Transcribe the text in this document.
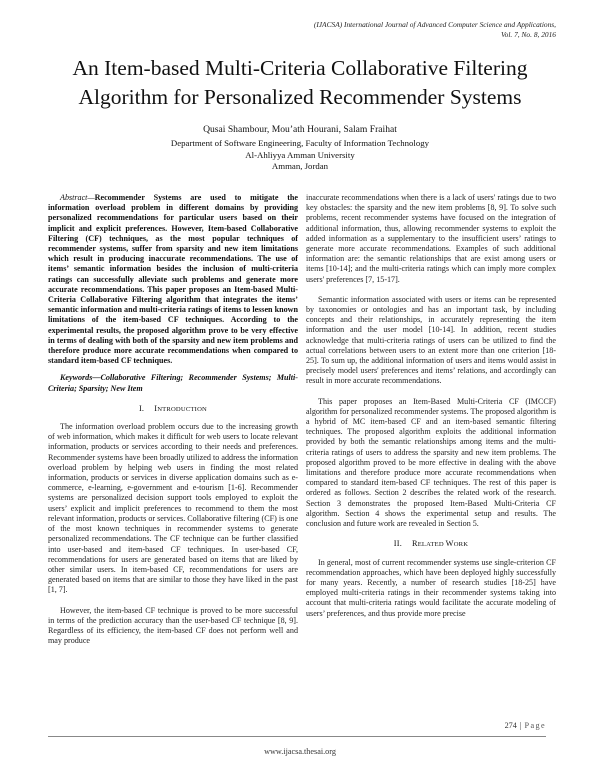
(IJACSA) International Journal of Advanced Computer Science and Applications,
Vol. 7, No. 8, 2016
An Item-based Multi-Criteria Collaborative Filtering
Algorithm for Personalized Recommender Systems
Qusai Shambour, Mou’ath Hourani, Salam Fraihat
Department of Software Engineering, Faculty of Information Technology
Al-Ahliyya Amman University
Amman, Jordan

Abstract—Recommender Systems are used to mitigate the information overload problem in different domains by providing personalized recommendations for particular users based on their implicit and explicit preferences. However, Item-based Collaborative Filtering (CF) techniques, as the most popular techniques of recommender systems, suffer from sparsity and new item limitations which result in producing inaccurate recommendations. The use of items’ semantic information besides the inclusion of multi-criteria ratings can successfully alleviate such problems and generate more accurate recommendations. This paper proposes an Item-based Multi-Criteria Collaborative Filtering algorithm that integrates the items’ semantic information and multi-criteria ratings of items to lessen known limitations of the item-based CF techniques. According to the experimental results, the proposed algorithm prove to be very effective in terms of dealing with both of the sparsity and new item problems and therefore produce more accurate recommendations when compared to standard item-based CF techniques.

Keywords—Collaborative Filtering; Recommender Systems; Multi-Criteria; Sparsity; New Item

I. INTRODUCTION

The information overload problem occurs due to the increasing growth of web information, which makes it difficult for web users to locate relevant information, products or services according to their needs and preferences. Recommender systems have been broadly utilized to address the information overload problem by helping web users in finding the most related information, products or services in diverse application domains such as e-commerce, e-learning, e-government and e-tourism [1-6]. Recommender systems are personalized decision support tools employed to exploit the users’ explicit and implicit preferences to recommend to them the most relevant information, products or services. Collaborative filtering (CF) is one of the most known techniques in recommender systems to generate personalized recommendations. The CF technique can be further classified into user-based and item-based CF techniques. In user-based CF, recommendations for users are generated based on items that are liked by other similar users. In item-based CF, recommendations for users are generated based on items that are similar to those they have liked in the past [1, 7].

However, the item-based CF technique is proved to be more successful in terms of the prediction accuracy than the user-based CF technique [8, 9]. Regardless of its efficiency, the item-based CF does not perform well and may produce

inaccurate recommendations when there is a lack of users' ratings due to two key obstacles: the sparsity and the new item problems [8, 9]. To solve such problems, recent recommender systems have focused on the integration of additional information, thus, allowing recommender systems to exploit the added information as a supplementary to the insufficient users’ ratings to generate more accurate recommendations. Examples of such additional information are: the semantic relationships that are exist among users or items [10-14]; and the multi-criteria ratings which can imply more complex users' preferences [7, 15-17].

Semantic information associated with users or items can be represented by taxonomies or ontologies and has an important task, by including concepts and their relationships, in accurately representing the item information and the user model [10-14]. In addition, recent studies acknowledge that multi-criteria ratings of users can be utilized to find the actual correlations between users to an extent more than one criterion [18-25]. To sum up, the additional information of users and items would assist in precisely model users' preferences and items’ relations, and accordingly can result in more accurate recommendations.

This paper proposes an Item-Based Multi-Criteria CF (IMCCF) algorithm for personalized recommender systems. The proposed algorithm is a hybrid of MC item-based CF and an item-based semantic filtering techniques. The proposed algorithm exploits the additional information provided by both the semantic relationships among items and the multi-criteria ratings of users to address the sparsity and new item problems. The proposed algorithm proved to be more effective in dealing with the above limitations and therefore produce more accurate recommendations when compared to standard item-based CF techniques. The rest of this paper is ordered as follows. Section 2 describes the related work of the research. Section 3 demonstrates the proposed Item-Based Multi-Criteria CF algorithm. Section 4 shows the experimental setup and results. The conclusion and future work are revealed in Section 5.

II. RELATED WORK

In general, most of current recommender systems use single-criterion CF recommendation approaches, which have been deployed highly successfully for many years. Recently, a number of research studies [18-25] have employed multi-criteria ratings in their recommender systems taking into account that multi-criteria ratings would facilitate the accurate modeling of users’ preferences, and thus provide more precise

274 | Page
www.ijacsa.thesai.org
